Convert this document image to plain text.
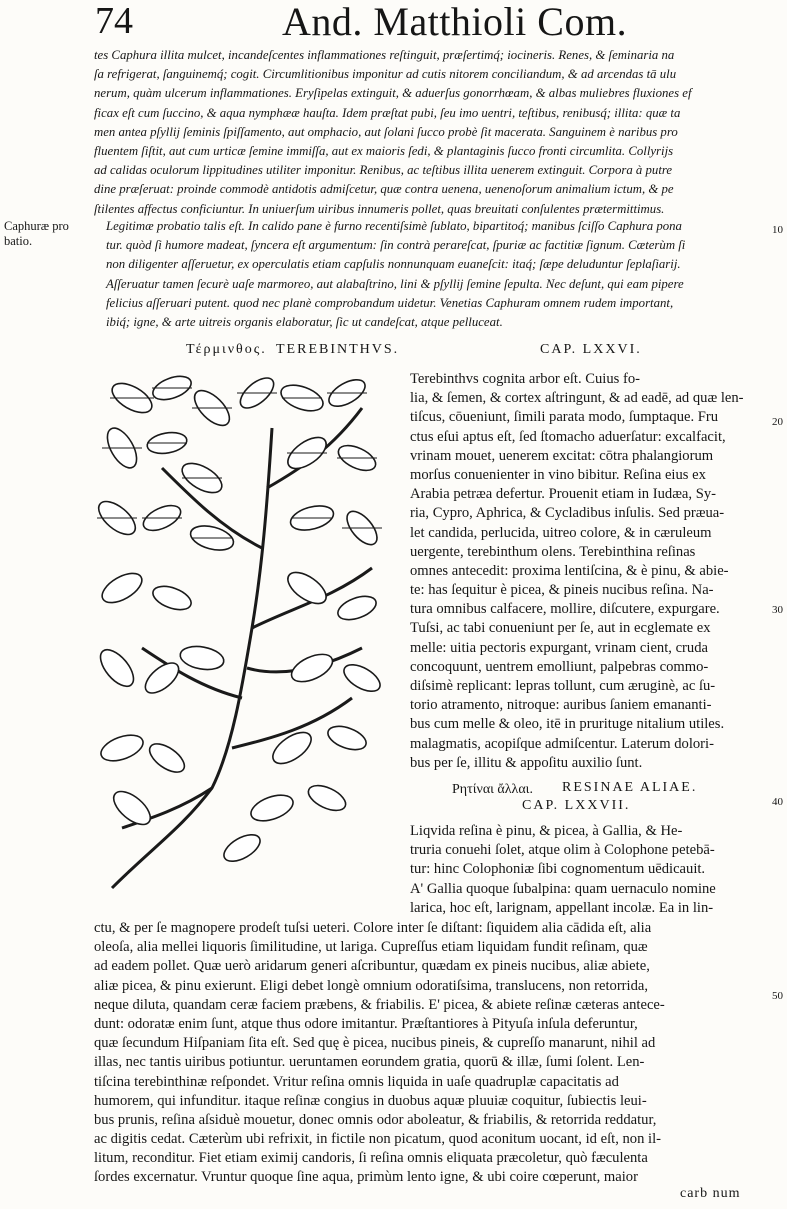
74	And. Matthioli Com.
tes Caphura illita mulcet, incandeſcentes inflammationes reſtinguit, præſertimq́; iocineris. Renes, & ſeminaria na
ſa refrigerat, ſanguinemq́; cogit. Circumlitionibus imponitur ad cutis nitorem conciliandum, & ad arcendas tā ulu
nerum, quàm ulcerum inflammationes. Eryſipelas extinguit, & aduerſus gonorrhœam, & albas muliebres fluxiones ef
ficax eſt cum ſuccino, & aqua nymphææ hauſta. Idem præſtat pubi, ſeu imo uentri, teſtibus, renibusq́; illita: quæ ta
men antea pſyllij ſeminis ſpiſſamento, aut omphacio, aut ſolani ſucco probè ſit macerata. Sanguinem è naribus pro
fluentem ſiſtit, aut cum urticæ ſemine immiſſa, aut ex maioris ſedi, & plantaginis ſucco fronti circumlita. Collyrijs
ad calidas oculorum lippitudines utiliter imponitur. Renibus, ac teſtibus illita uenerem extinguit. Corpora à putre
dine præſeruat: proinde commodè antidotis admiſcetur, quæ contra uenena, uenenoſorum animalium ictum, & pe
ſtilentes affectus conficiuntur. In uniuerſum uiribus innumeris pollet, quas breuitati conſulentes prætermittimus.
Caphuræ pro
batio.
10
20
30
40
50
Legitimæ probatio talis eſt. In calido pane è furno recentiſsimè ſublato, bipartitoq́; manibus ſciſſo Caphura pona
tur. quòd ſi humore madeat, ſyncera eſt argumentum: ſin contrà perareſcat, ſpuriæ ac factitiæ ſignum. Cæterùm ſi
non diligenter aſſeruetur, ex operculatis etiam capſulis nonnunquam euaneſcit: itaq́; ſæpe deluduntur ſeplaſiarij.
Aſſeruatur tamen ſecurè uaſe marmoreo, aut alabaſtrino, lini & pſyllij ſemine ſepulta. Nec deſunt, qui eam pipere
felicius aſſeruari putent. quod nec planè comprobandum uidetur. Venetias Caphuram omnem rudem important,
ibiq́; igne, & arte uitreis organis elaboratur, ſic ut candeſcat, atque pelluceat.
Τέρμινθος. TEREBINTHVS.	CAP. LXXVI.
Terebinthvs cognita arbor eſt. Cuius fo-
lia, & ſemen, & cortex aſtringunt, & ad eadē, ad quæ len-
tiſcus, cōueniunt, ſimili parata modo, ſumptaque. Fru
ctus eſui aptus eſt, ſed ſtomacho aduerſatur: excalfacit,
vrinam mouet, uenerem excitat: cōtra phalangiorum
morſus conuenienter in vino bibitur. Reſina eius ex
Arabia petræa defertur. Prouenit etiam in Iudæa, Sy-
ria, Cypro, Aphrica, & Cycladibus inſulis. Sed præua-
let candida, perlucida, uitreo colore, & in cæruleum
uergente, terebinthum olens. Terebinthina reſinas
omnes antecedit: proxima lentiſcina, & è pinu, & abie-
te: has ſequitur è picea, & pineis nucibus reſina. Na-
tura omnibus calfacere, mollire, diſcutere, expurgare.
Tuſsi, ac tabi conueniunt per ſe, aut in ecglemate ex
melle: uitia pectoris expurgant, vrinam cient, cruda
concoquunt, uentrem emolliunt, palpebras commo-
diſsimè replicant: lepras tollunt, cum æruginè, ac ſu-
torio atramento, nitroque: auribus ſaniem emananti-
bus cum melle & oleo, itē in prurituge nitalium utiles.
malagmatis, acopiſque admiſcentur. Laterum dolori-
bus per ſe, illitu & appoſitu auxilio ſunt.
Ρητίναι ἄλλαι. RESINAE ALIAE.
CAP. LXXVII.
Liqvida reſina è pinu, & picea, à Gallia, & He-
truria conuehi ſolet, atque olim à Colophone petebā-
tur: hinc Colophoniæ ſibi cognomentum uēdicauit.
A' Gallia quoque ſubalpina: quam uernaculo nomine
larica, hoc eſt, larignam, appellant incolæ. Ea in lin-
ctu, & per ſe magnopere prodeſt tuſsi ueteri. Colore inter ſe diſtant: ſiquidem alia cādida eſt, alia
oleoſa, alia mellei liquoris ſimilitudine, ut lariga. Cupreſſus etiam liquidam fundit reſinam, quæ
ad eadem pollet. Quæ uerò aridarum generi aſcribuntur, quædam ex pineis nucibus, aliæ abiete,
aliæ picea, & pinu exierunt. Eligi debet longè omnium odoratiſsima, translucens, non retorrida,
neque diluta, quandam ceræ faciem præbens, & friabilis. E' picea, & abiete reſinæ cæteras antece-
dunt: odoratæ enim ſunt, atque thus odore imitantur. Præſtantiores à Pityuſa inſula deferuntur,
quæ ſecundum Hiſpaniam ſita eſt. Sed quę è picea, nucibus pineis, & cupreſſo manarunt, nihil ad
illas, nec tantis uiribus potiuntur. ueruntamen eorundem gratia, quorū & illæ, ſumi ſolent. Len-
tiſcina terebinthinæ reſpondet. Vritur reſina omnis liquida in uaſe quadruplæ capacitatis ad
humorem, qui infunditur. itaque reſinæ congius in duobus aquæ pluuiæ coquitur, ſubiectis leui-
bus prunis, reſina aſsiduè mouetur, donec omnis odor aboleatur, & friabilis, & retorrida reddatur,
ac digitis cedat. Cæterùm ubi refrixit, in fictile non picatum, quod aconitum uocant, id eſt, non il-
litum, reconditur. Fiet etiam eximij candoris, ſi reſina omnis eliquata præcoletur, quò fæculenta
ſordes excernatur. Vruntur quoque ſine aqua, primùm lento igne, & ubi coire cœperunt, maior
carb num
